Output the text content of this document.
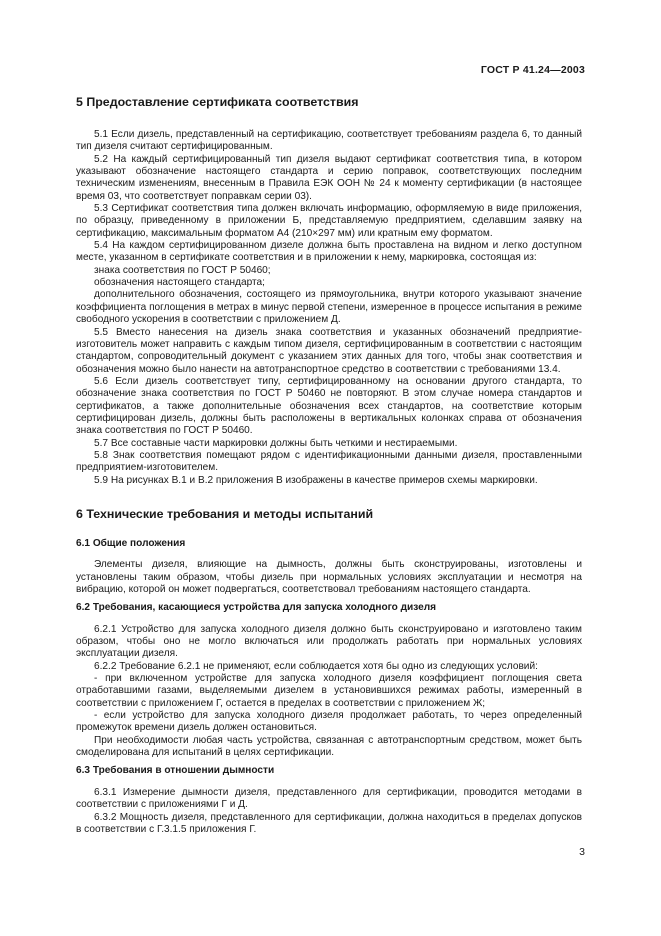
ГОСТ Р 41.24—2003
5 Предоставление сертификата соответствия

5.1 Если дизель, представленный на сертификацию, соответствует требованиям раздела 6, то данный тип дизеля считают сертифицированным.

5.2 На каждый сертифицированный тип дизеля выдают сертификат соответствия типа, в котором указывают обозначение настоящего стандарта и серию поправок, соответствующих последним техническим изменениям, внесенным в Правила ЕЭК ООН № 24 к моменту сертификации (в настоящее время 03, что соответствует поправкам серии 03).

5.3 Сертификат соответствия типа должен включать информацию, оформляемую в виде приложения, по образцу, приведенному в приложении Б, представляемую предприятием, сделавшим заявку на сертификацию, максимальным форматом А4 (210×297 мм) или кратным ему форматом.

5.4 На каждом сертифицированном дизеле должна быть проставлена на видном и легко доступном месте, указанном в сертификате соответствия и в приложении к нему, маркировка, состоящая из:

знака соответствия по ГОСТ Р 50460;

обозначения настоящего стандарта;

дополнительного обозначения, состоящего из прямоугольника, внутри которого указывают значение коэффициента поглощения в метрах в минус первой степени, измеренное в процессе испытания в режиме свободного ускорения в соответствии с приложением Д.

5.5 Вместо нанесения на дизель знака соответствия и указанных обозначений предприятие-изготовитель может направить с каждым типом дизеля, сертифицированным в соответствии с настоящим стандартом, сопроводительный документ с указанием этих данных для того, чтобы знак соответствия и обозначения можно было нанести на автотранспортное средство в соответствии с требованиями 13.4.

5.6 Если дизель соответствует типу, сертифицированному на основании другого стандарта, то обозначение знака соответствия по ГОСТ Р 50460 не повторяют. В этом случае номера стандартов и сертификатов, а также дополнительные обозначения всех стандартов, на соответствие которым сертифицирован дизель, должны быть расположены в вертикальных колонках справа от обозначения знака соответствия по ГОСТ Р 50460.

5.7 Все составные части маркировки должны быть четкими и нестираемыми.

5.8 Знак соответствия помещают рядом с идентификационными данными дизеля, проставленными предприятием-изготовителем.

5.9 На рисунках В.1 и В.2 приложения В изображены в качестве примеров схемы маркировки.

6 Технические требования и методы испытаний
6.1 Общие положения

Элементы дизеля, влияющие на дымность, должны быть сконструированы, изготовлены и установлены таким образом, чтобы дизель при нормальных условиях эксплуатации и несмотря на вибрацию, которой он может подвергаться, соответствовал требованиям настоящего стандарта.

6.2 Требования, касающиеся устройства для запуска холодного дизеля

6.2.1 Устройство для запуска холодного дизеля должно быть сконструировано и изготовлено таким образом, чтобы оно не могло включаться или продолжать работать при нормальных условиях эксплуатации дизеля.

6.2.2 Требование 6.2.1 не применяют, если соблюдается хотя бы одно из следующих условий:

- при включенном устройстве для запуска холодного дизеля коэффициент поглощения света отработавшими газами, выделяемыми дизелем в установившихся режимах работы, измеренный в соответствии с приложением Г, остается в пределах в соответствии с приложением Ж;

- если устройство для запуска холодного дизеля продолжает работать, то через определенный промежуток времени дизель должен остановиться.

При необходимости любая часть устройства, связанная с автотранспортным средством, может быть смоделирована для испытаний в целях сертификации.

6.3 Требования в отношении дымности

6.3.1 Измерение дымности дизеля, представленного для сертификации, проводится методами в соответствии с приложениями Г и Д.

6.3.2 Мощность дизеля, представленного для сертификации, должна находиться в пределах допусков в соответствии с Г.3.1.5 приложения Г.

3
